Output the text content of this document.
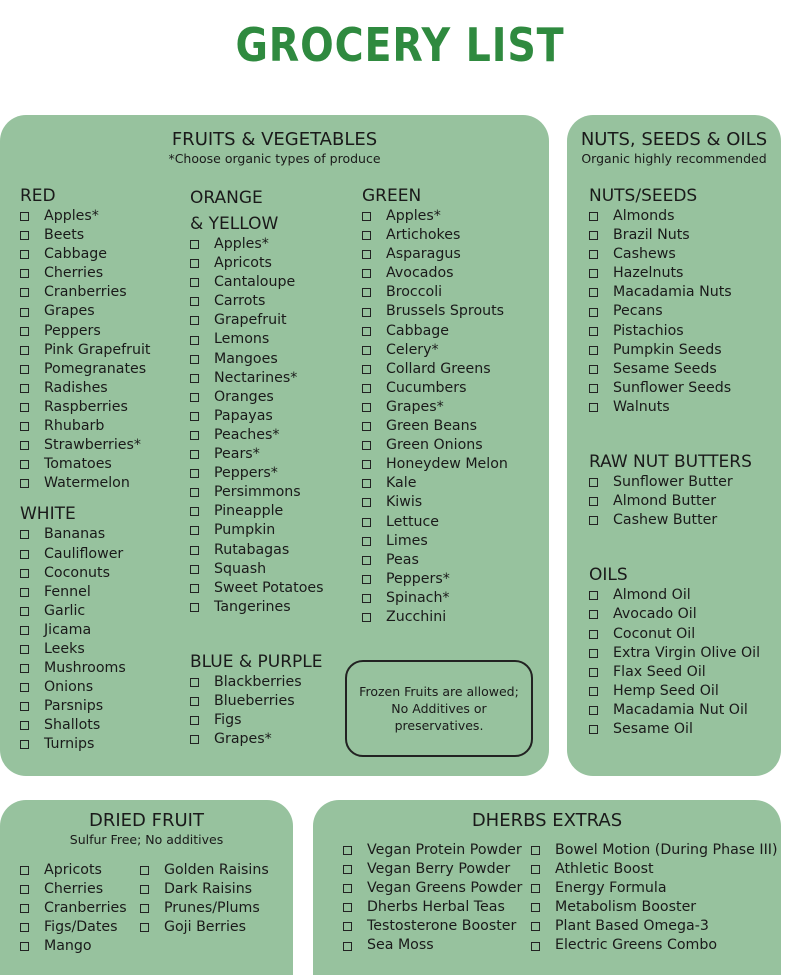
GROCERY LIST
FRUITS & VEGETABLES
*Choose organic types of produce
RED
Apples*
Beets
Cabbage
Cherries
Cranberries
Grapes
Peppers
Pink Grapefruit
Pomegranates
Radishes
Raspberries
Rhubarb
Strawberries*
Tomatoes
Watermelon
WHITE
Bananas
Cauliflower
Coconuts
Fennel
Garlic
Jicama
Leeks
Mushrooms
Onions
Parsnips
Shallots
Turnips
ORANGE
& YELLOW
Apples*
Apricots
Cantaloupe
Carrots
Grapefruit
Lemons
Mangoes
Nectarines*
Oranges
Papayas
Peaches*
Pears*
Peppers*
Persimmons
Pineapple
Pumpkin
Rutabagas
Squash
Sweet Potatoes
Tangerines
BLUE & PURPLE
Blackberries
Blueberries
Figs
Grapes*
GREEN
Apples*
Artichokes
Asparagus
Avocados
Broccoli
Brussels Sprouts
Cabbage
Celery*
Collard Greens
Cucumbers
Grapes*
Green Beans
Green Onions
Honeydew Melon
Kale
Kiwis
Lettuce
Limes
Peas
Peppers*
Spinach*
Zucchini
Frozen Fruits are allowed; No Additives or preservatives.
NUTS, SEEDS & OILS
Organic highly recommended
NUTS/SEEDS
Almonds
Brazil Nuts
Cashews
Hazelnuts
Macadamia Nuts
Pecans
Pistachios
Pumpkin Seeds
Sesame Seeds
Sunflower Seeds
Walnuts
RAW NUT BUTTERS
Sunflower Butter
Almond Butter
Cashew Butter
OILS
Almond Oil
Avocado Oil
Coconut Oil
Extra Virgin Olive Oil
Flax Seed Oil
Hemp Seed Oil
Macadamia Nut Oil
Sesame Oil
DRIED FRUIT
Sulfur Free; No additives
Apricots
Cherries
Cranberries
Figs/Dates
Mango
Golden Raisins
Dark Raisins
Prunes/Plums
Goji Berries
DHERBS EXTRAS
Vegan Protein Powder
Vegan Berry Powder
Vegan Greens Powder
Dherbs Herbal Teas
Testosterone Booster
Sea Moss
Bowel Motion (During Phase III)
Athletic Boost
Energy Formula
Metabolism Booster
Plant Based Omega-3
Electric Greens Combo
